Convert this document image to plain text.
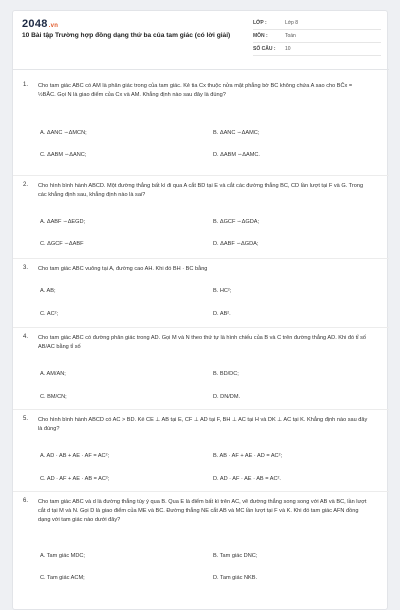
2048.vn
10 Bài tập Trường hợp đồng dạng thứ ba của tam giác (có lời giải)
LỚP :	Lớp 8
MÔN :	Toán
SỐ CÂU :	10
1. Cho tam giác ABC có AM là phân giác trong của tam giác. Kẻ tia Cx thuộc nửa mặt phẳng bờ BC không chứa A sao cho BĈx = ½BÂC. Gọi N là giao điểm của Cx và AM. Khẳng định nào sau đây là đúng?
A. ΔANC ∽ΔMCN;	B. ΔANC ∽ΔAMC;
C. ΔABM ∽ΔANC;	D. ΔABM ∽ΔAMC.
2. Cho hình bình hành ABCD. Một đường thẳng bất kì đi qua A cắt BD tại E và cắt các đường thẳng BC, CD lần lượt tại F và G. Trong các khẳng định sau, khẳng định nào là sai?
A. ΔABF ∽ΔEGD;	B. ΔGCF ∽ΔGDA;
C. ΔGCF ∽ΔABF	D. ΔABF ∽ΔGDA;
3. Cho tam giác ABC vuông tại A, đường cao AH. Khi đó BH · BC bằng
A. AB;	B. HC²;
C. AC²;	D. AB².
4. Cho tam giác ABC có đường phân giác trong AD. Gọi M và N theo thứ tự là hình chiếu của B và C trên đường thẳng AD. Khi đó tỉ số AB/AC bằng tỉ số
A. AM/AN;	B. BD/DC;
C. BM/CN;	D. DN/DM.
5. Cho hình bình hành ABCD có AC > BD. Kẻ CE ⊥ AB tại E, CF ⊥ AD tại F, BH ⊥ AC tại H và DK ⊥ AC tại K. Khẳng định nào sau đây là đúng?
A. AD · AB + AE · AF = AC²;	B. AB · AF + AE · AD = AC²;
C. AD · AF + AE · AB = AC²;	D. AD · AF · AE · AB = AC².
6. Cho tam giác ABC và d là đường thẳng tùy ý qua B. Qua E là điểm bất kì trên AC, vẽ đường thẳng song song với AB và BC, lần lượt cắt d tại M và N. Gọi D là giao điểm của ME và BC. Đường thẳng NE cắt AB và MC lần lượt tại F và K. Khi đó tam giác AFN đồng dạng với tam giác nào dưới đây?
A. Tam giác MDC;	B. Tam giác DNC;
C. Tam giác ACM;	D. Tam giác NKB.
